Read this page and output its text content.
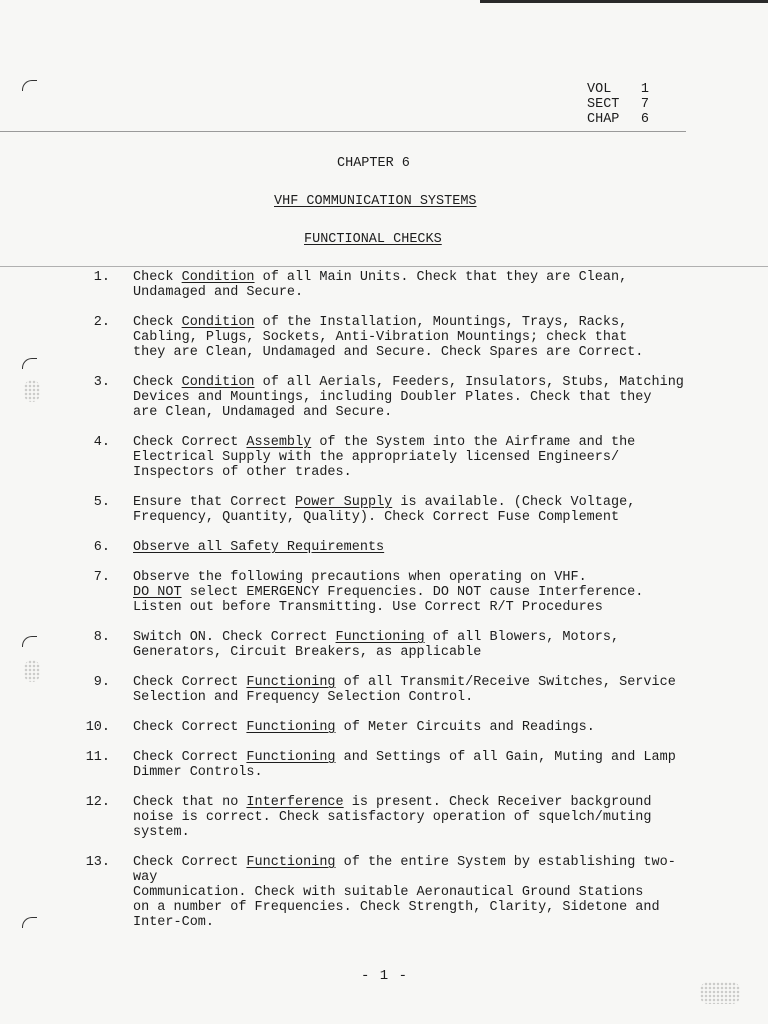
VOL 1
SECT 7
CHAP 6
CHAPTER 6
VHF COMMUNICATION SYSTEMS
FUNCTIONAL CHECKS
1.	Check Condition of all Main Units. Check that they are Clean,
Undamaged and Secure.
2.	Check Condition of the Installation, Mountings, Trays, Racks,
Cabling, Plugs, Sockets, Anti-Vibration Mountings; check that
they are Clean, Undamaged and Secure. Check Spares are Correct.
3.	Check Condition of all Aerials, Feeders, Insulators, Stubs, Matching
Devices and Mountings, including Doubler Plates. Check that they
are Clean, Undamaged and Secure.
4.	Check Correct Assembly of the System into the Airframe and the
Electrical Supply with the appropriately licensed Engineers/
Inspectors of other trades.
5.	Ensure that Correct Power Supply is available. (Check Voltage,
Frequency, Quantity, Quality). Check Correct Fuse Complement
6.	Observe all Safety Requirements
7.	Observe the following precautions when operating on VHF.
DO NOT select EMERGENCY Frequencies. DO NOT cause Interference.
Listen out before Transmitting. Use Correct R/T Procedures
8.	Switch ON. Check Correct Functioning of all Blowers, Motors,
Generators, Circuit Breakers, as applicable
9.	Check Correct Functioning of all Transmit/Receive Switches, Service
Selection and Frequency Selection Control.
10.	Check Correct Functioning of Meter Circuits and Readings.
11.	Check Correct Functioning and Settings of all Gain, Muting and Lamp
Dimmer Controls.
12.	Check that no Interference is present. Check Receiver background
noise is correct. Check satisfactory operation of squelch/muting
system.
13.	Check Correct Functioning of the entire System by establishing two-way
Communication. Check with suitable Aeronautical Ground Stations
on a number of Frequencies. Check Strength, Clarity, Sidetone and
Inter-Com.
- 1 -
